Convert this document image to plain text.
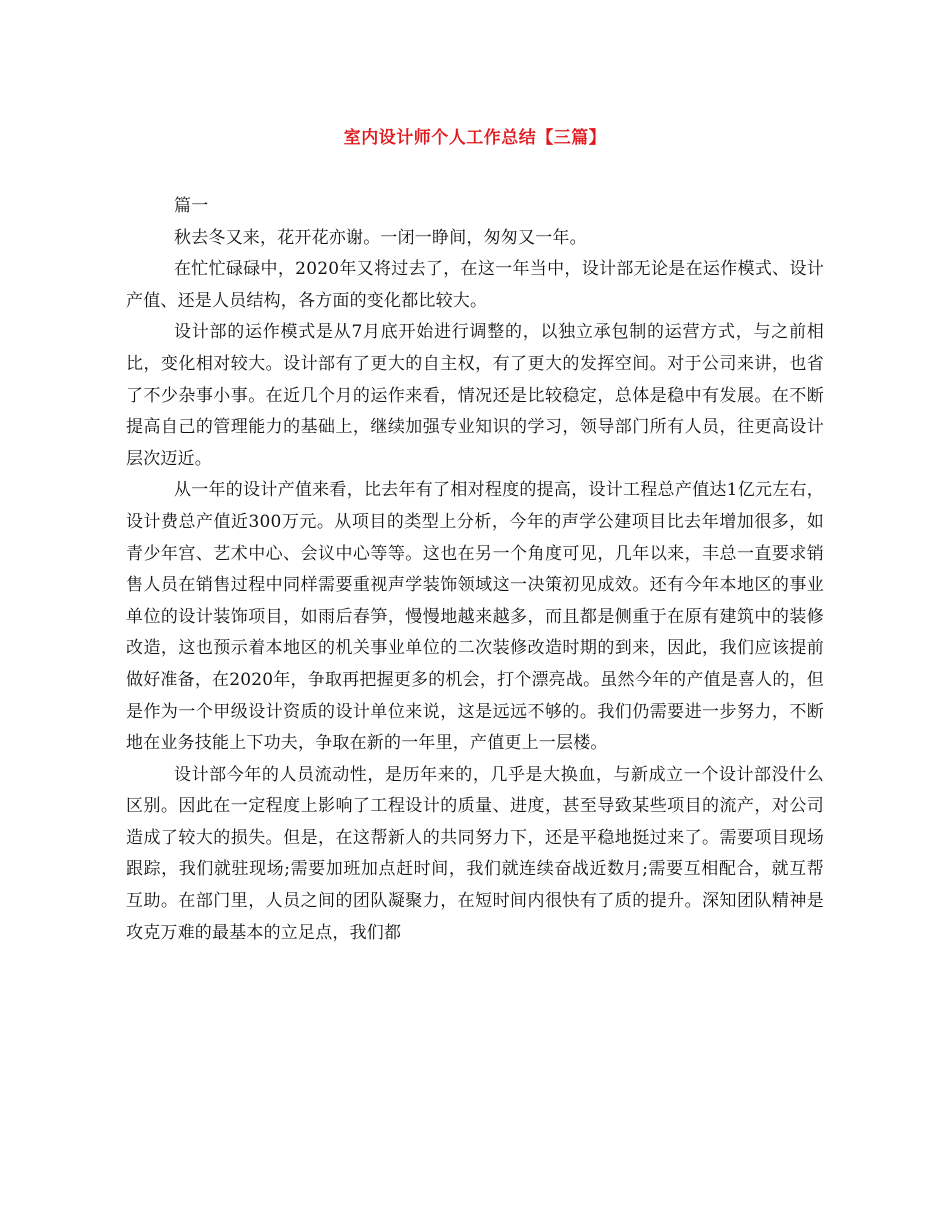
室内设计师个人工作总结【三篇】

篇一

秋去冬又来，花开花亦谢。一闭一睁间，匆匆又一年。

在忙忙碌碌中，2020年又将过去了，在这一年当中，设计部无论是在运作模式、设计产值、还是人员结构，各方面的变化都比较大。

设计部的运作模式是从7月底开始进行调整的，以独立承包制的运营方式，与之前相比，变化相对较大。设计部有了更大的自主权，有了更大的发挥空间。对于公司来讲，也省了不少杂事小事。在近几个月的运作来看，情况还是比较稳定，总体是稳中有发展。在不断提高自己的管理能力的基础上，继续加强专业知识的学习，领导部门所有人员，往更高设计层次迈近。

从一年的设计产值来看，比去年有了相对程度的提高，设计工程总产值达1亿元左右，设计费总产值近300万元。从项目的类型上分析，今年的声学公建项目比去年增加很多，如青少年宫、艺术中心、会议中心等等。这也在另一个角度可见，几年以来，丰总一直要求销售人员在销售过程中同样需要重视声学装饰领域这一决策初见成效。还有今年本地区的事业单位的设计装饰项目，如雨后春笋，慢慢地越来越多，而且都是侧重于在原有建筑中的装修改造，这也预示着本地区的机关事业单位的二次装修改造时期的到来，因此，我们应该提前做好准备，在2020年，争取再把握更多的机会，打个漂亮战。虽然今年的产值是喜人的，但是作为一个甲级设计资质的设计单位来说，这是远远不够的。我们仍需要进一步努力，不断地在业务技能上下功夫，争取在新的一年里，产值更上一层楼。

设计部今年的人员流动性，是历年来的，几乎是大换血，与新成立一个设计部没什么区别。因此在一定程度上影响了工程设计的质量、进度，甚至导致某些项目的流产，对公司造成了较大的损失。但是，在这帮新人的共同努力下，还是平稳地挺过来了。需要项目现场跟踪，我们就驻现场;需要加班加点赶时间，我们就连续奋战近数月;需要互相配合，就互帮互助。在部门里，人员之间的团队凝聚力，在短时间内很快有了质的提升。深知团队精神是攻克万难的最基本的立足点，我们都
